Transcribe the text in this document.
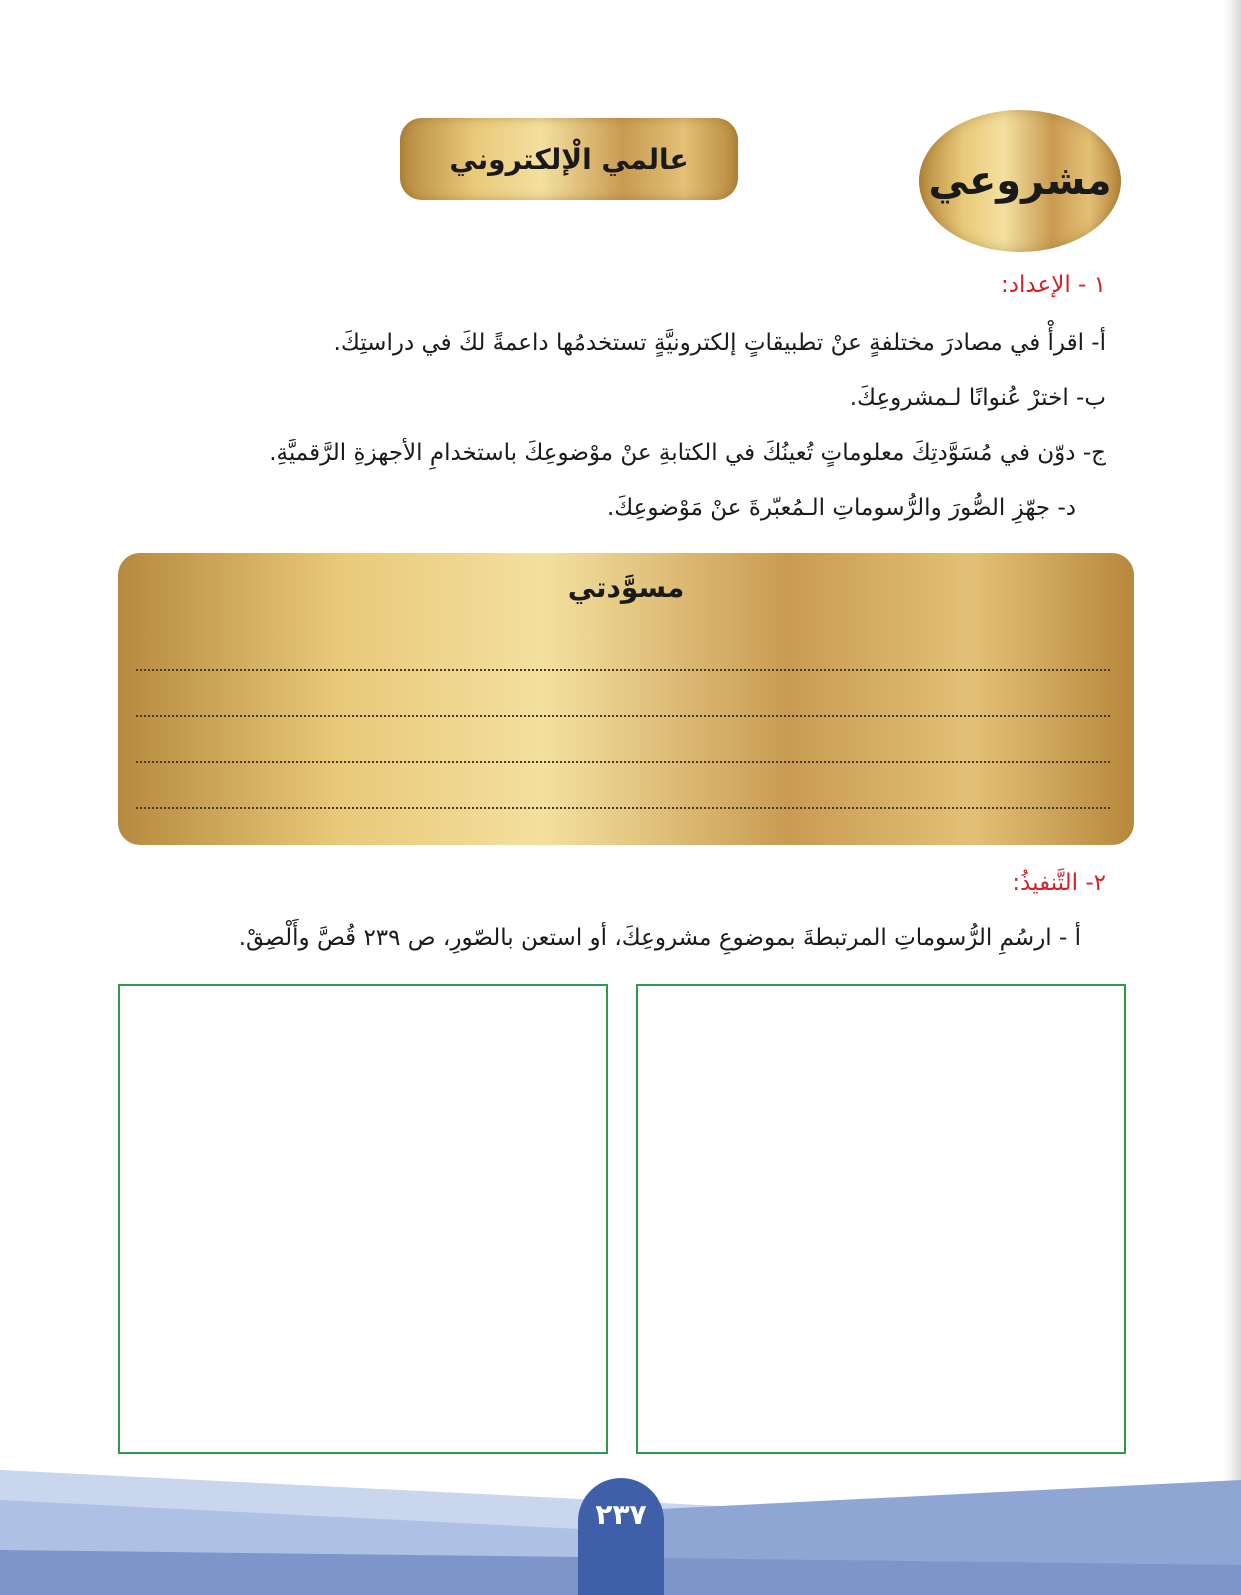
مشروعي
عالمي الْإلكتروني
١ - الإعداد:
أ- اقرأْ في مصادرَ مختلفةٍ عنْ تطبيقاتٍ إلكترونيَّةٍ تستخدمُها داعمةً لكَ في دراستِكَ.
ب- اخترْ عُنوانًا لـمشروعِكَ.
ج- دوّن في مُسَوَّدتِكَ معلوماتٍ تُعينُكَ في الكتابةِ عنْ موْضوعِكَ باستخدامِ الأجهزةِ الرَّقميَّةِ.
د- جهّزِ الصُّورَ والرُّسوماتِ الـمُعبّرةَ عنْ مَوْضوعِكَ.
مسوَّدتي
٢- التَّنفيذُ:
أ - ارسُمِ الرُّسوماتِ المرتبطةَ بموضوعِ مشروعِكَ، أو استعن بالصّورِ، ص ٢٣٩ قُصَّ وأَلْصِقْ.
٢٣٧
